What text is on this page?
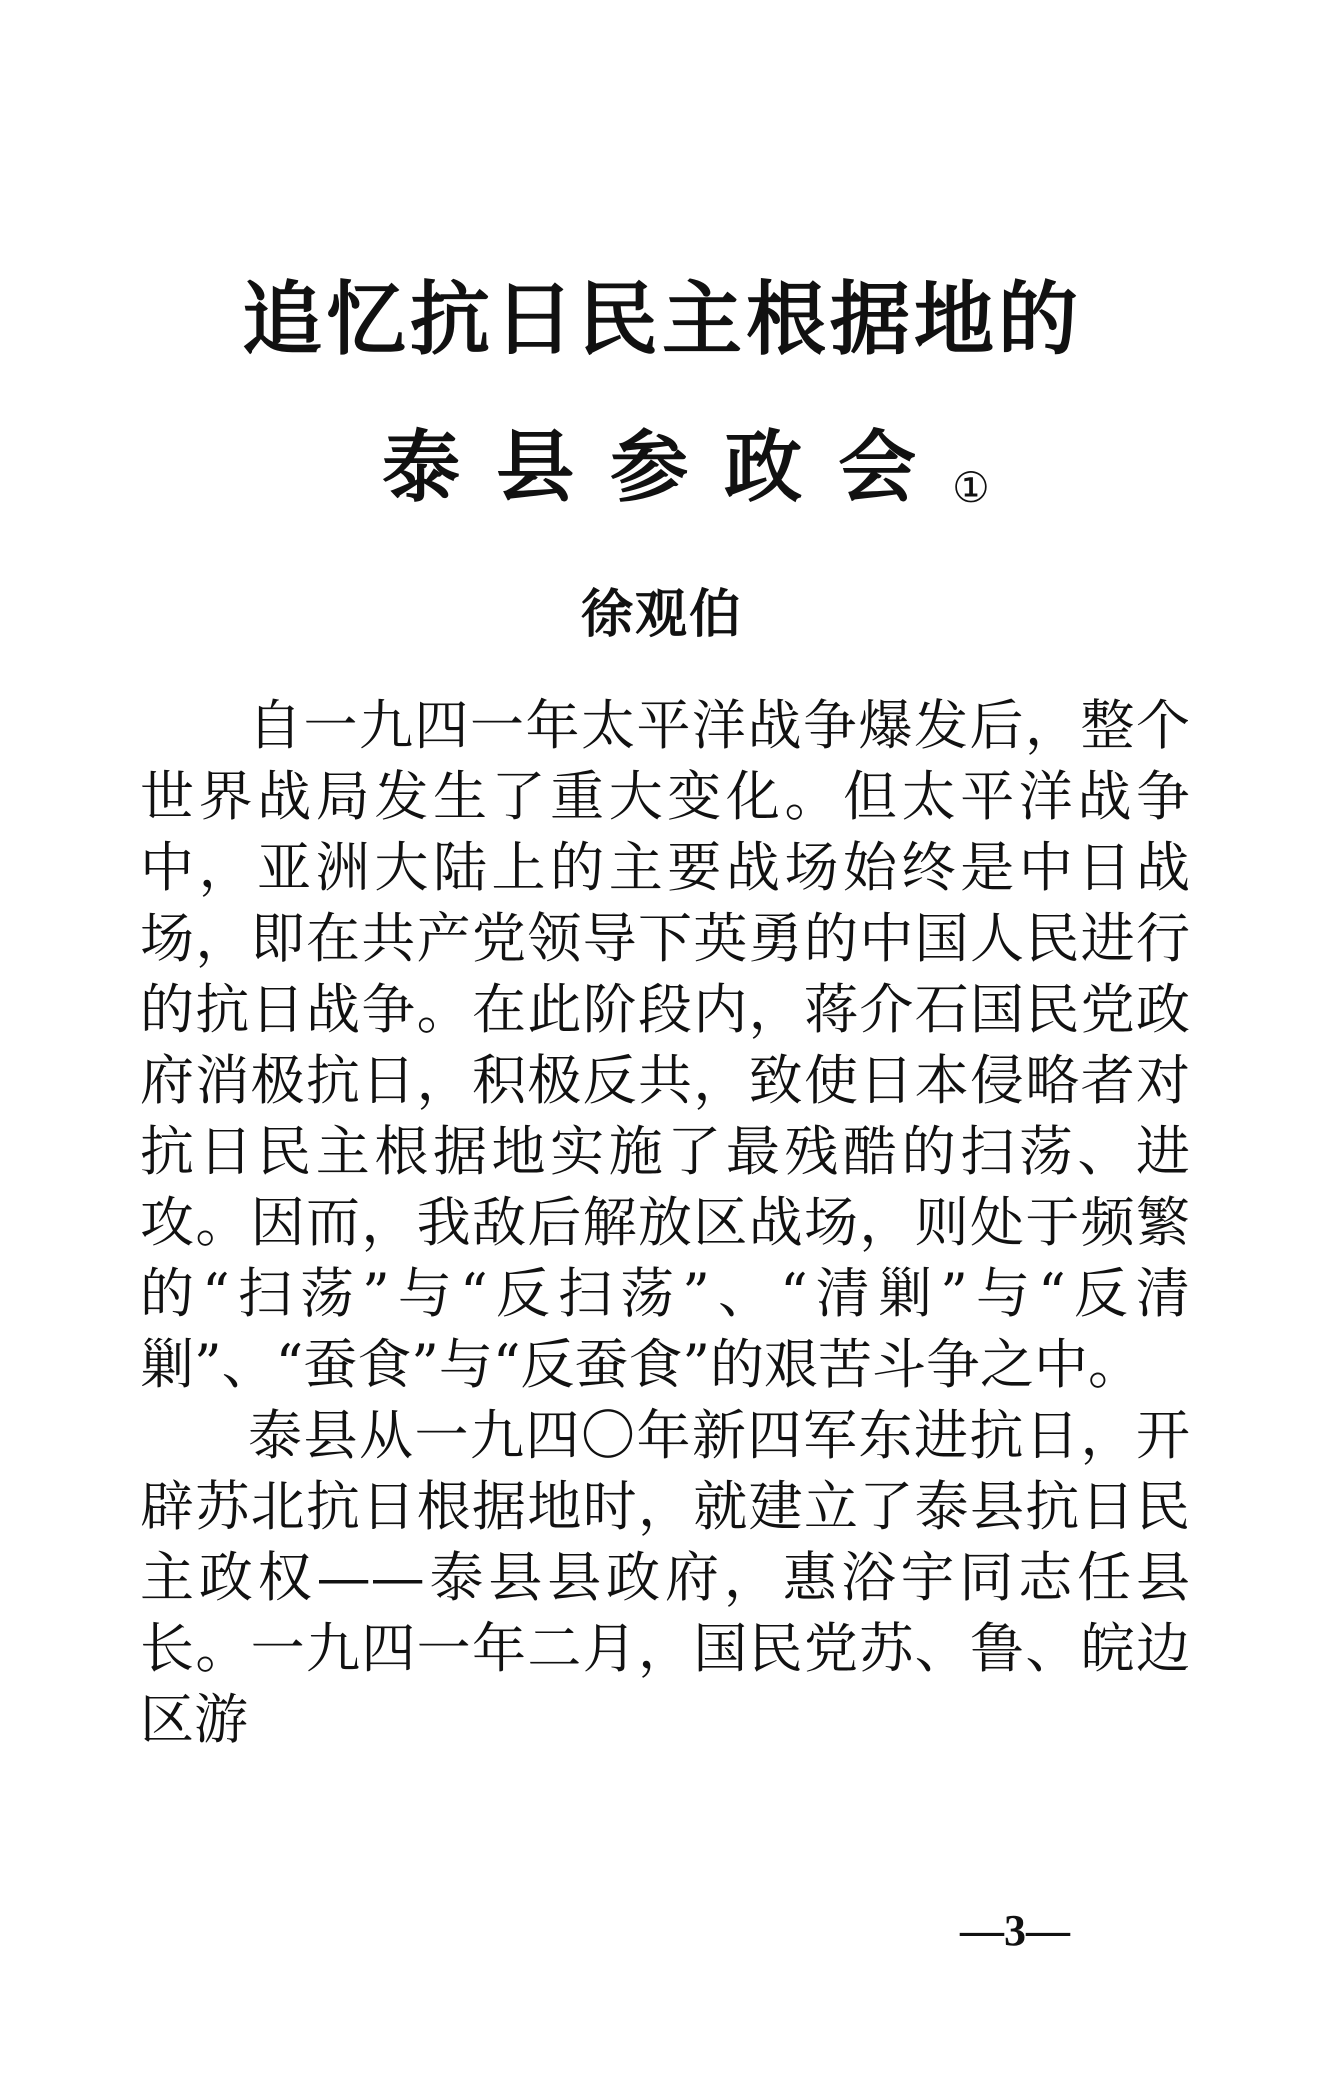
追忆抗日民主根据地的
泰县参政会①
徐观伯

自一九四一年太平洋战争爆发后，整个世界战局发生了重大变化。但太平洋战争中，亚洲大陆上的主要战场始终是中日战场，即在共产党领导下英勇的中国人民进行的抗日战争。在此阶段内，蒋介石国民党政府消极抗日，积极反共，致使日本侵略者对抗日民主根据地实施了最残酷的扫荡、进攻。因而，我敌后解放区战场，则处于频繁的“扫荡”与“反扫荡”、“清剿”与“反清剿”、“蚕食”与“反蚕食”的艰苦斗争之中。

泰县从一九四〇年新四军东进抗日，开辟苏北抗日根据地时，就建立了泰县抗日民主政权——泰县县政府，惠浴宇同志任县长。一九四一年二月，国民党苏、鲁、皖边区游

—3—
